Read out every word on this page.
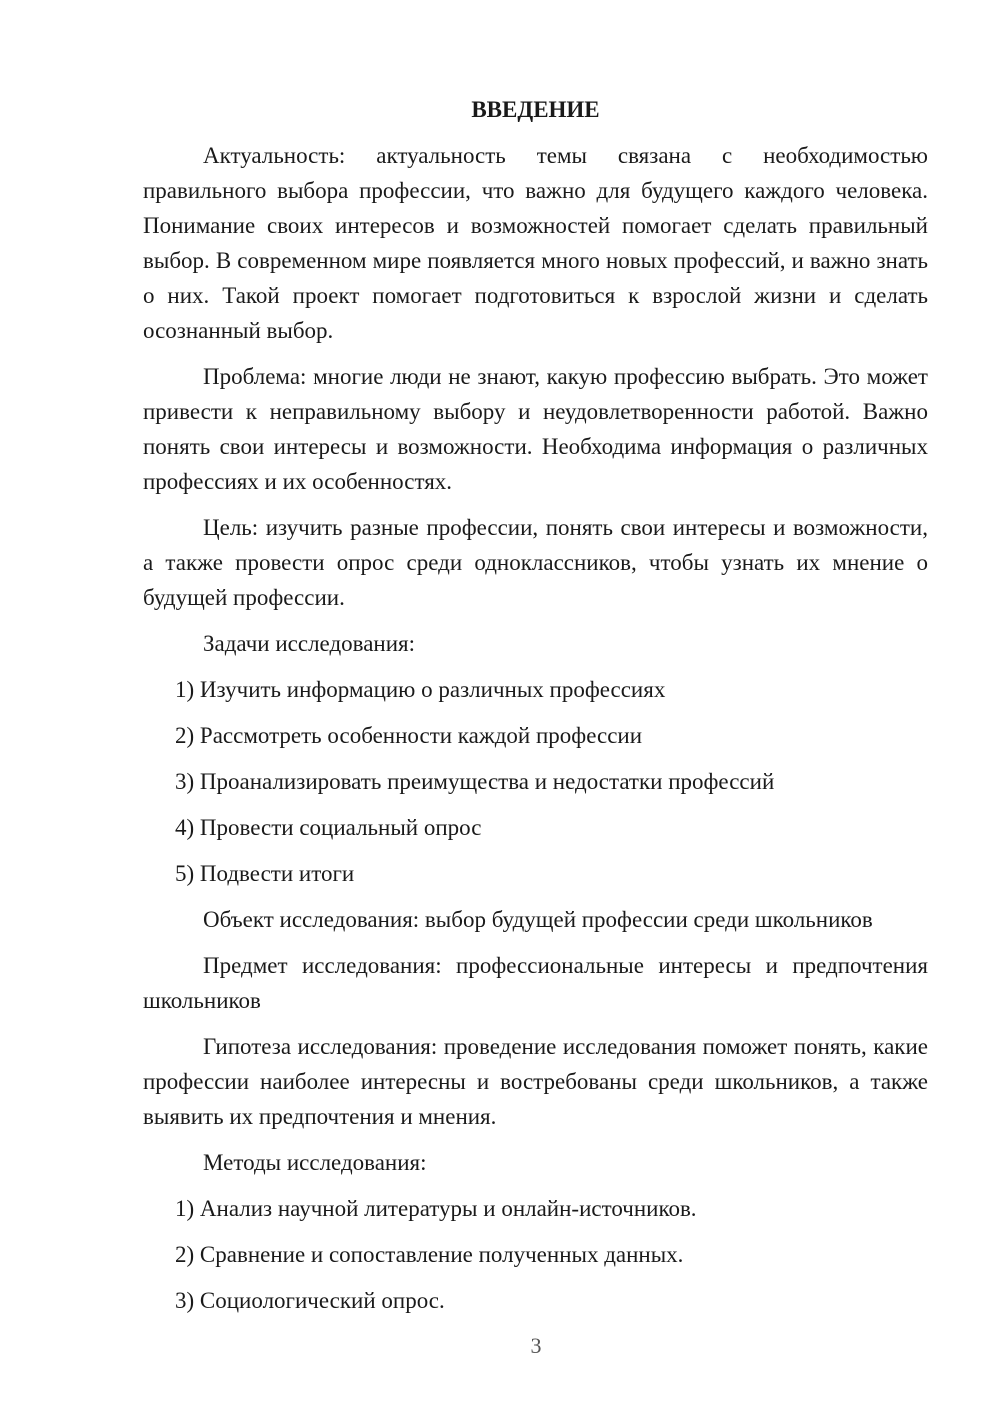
ВВЕДЕНИЕ

Актуальность: актуальность темы связана с необходимостью правильного выбора профессии, что важно для будущего каждого человека. Понимание своих интересов и возможностей помогает сделать правильный выбор. В современном мире появляется много новых профессий, и важно знать о них. Такой проект помогает подготовиться к взрослой жизни и сделать осознанный выбор.

Проблема: многие люди не знают, какую профессию выбрать. Это может привести к неправильному выбору и неудовлетворенности работой. Важно понять свои интересы и возможности. Необходима информация о различных профессиях и их особенностях.

Цель: изучить разные профессии, понять свои интересы и возможности, а также провести опрос среди одноклассников, чтобы узнать их мнение о будущей профессии.

Задачи исследования:

1) Изучить информацию о различных профессиях

2) Рассмотреть особенности каждой профессии

3) Проанализировать преимущества и недостатки профессий

4) Провести социальный опрос

5) Подвести итоги

Объект исследования: выбор будущей профессии среди школьников

Предмет исследования: профессиональные интересы и предпочтения школьников

Гипотеза исследования: проведение исследования поможет понять, какие профессии наиболее интересны и востребованы среди школьников, а также выявить их предпочтения и мнения.

Методы исследования:

1) Анализ научной литературы и онлайн-источников.

2) Сравнение и сопоставление полученных данных.

3) Социологический опрос.

3
